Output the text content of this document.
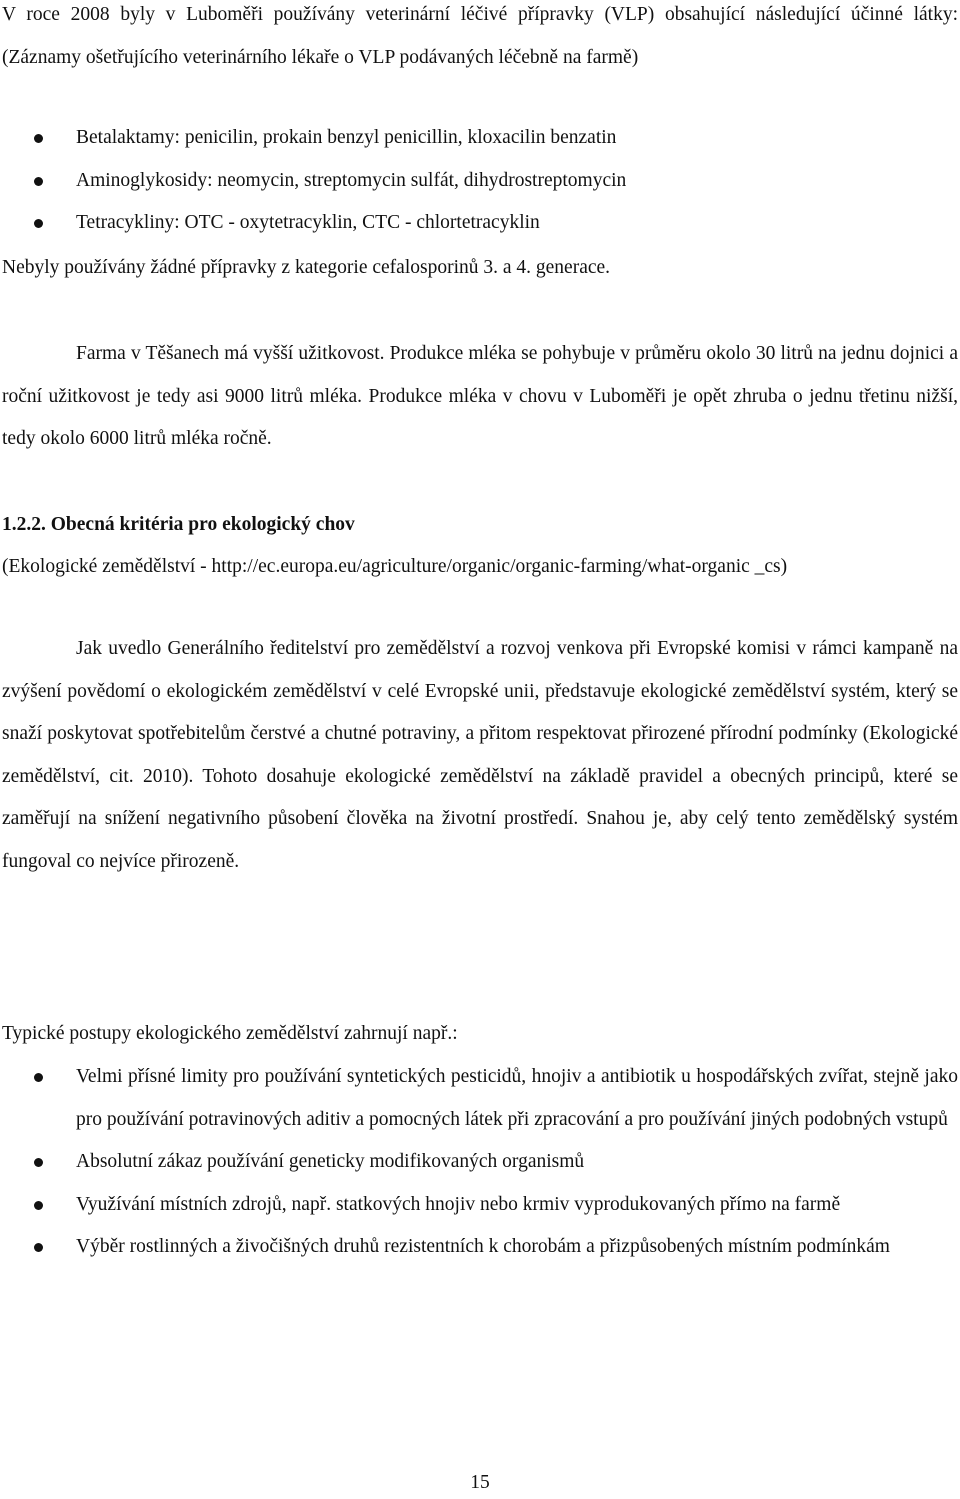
V roce 2008 byly v Luboměři používány veterinární léčivé přípravky (VLP) obsahující následující účinné látky: (Záznamy ošetřujícího veterinárního lékaře o VLP podávaných léčebně na farmě)

Betalaktamy: penicilin, prokain benzyl penicillin, kloxacilin benzatin
Aminoglykosidy: neomycin, streptomycin sulfát, dihydrostreptomycin
Tetracykliny: OTC - oxytetracyklin, CTC - chlortetracyklin

Nebyly používány žádné přípravky z kategorie cefalosporinů 3. a 4. generace.

Farma v Těšanech má vyšší užitkovost. Produkce mléka se pohybuje v průměru okolo 30 litrů na jednu dojnici a roční užitkovost je tedy asi 9000 litrů mléka. Produkce mléka v chovu v Luboměři je opět zhruba o jednu třetinu nižší, tedy okolo 6000 litrů mléka ročně.

1.2.2. Obecná kritéria pro ekologický chov

(Ekologické zemědělství - http://ec.europa.eu/agriculture/organic/organic-farming/what-organic _cs)

Jak uvedlo Generálního ředitelství pro zemědělství a rozvoj venkova při Evropské komisi v rámci kampaně na zvýšení povědomí o ekologickém zemědělství v celé Evropské unii, představuje ekologické zemědělství systém, který se snaží poskytovat spotřebitelům čerstvé a chutné potraviny, a přitom respektovat přirozené přírodní podmínky (Ekologické zemědělství, cit. 2010). Tohoto dosahuje ekologické zemědělství na základě pravidel a obecných principů, které se zaměřují na snížení negativního působení člověka na životní prostředí. Snahou je, aby celý tento zemědělský systém fungoval co nejvíce přirozeně.

Typické postupy ekologického zemědělství zahrnují např.:

Velmi přísné limity pro používání syntetických pesticidů, hnojiv a antibiotik u hospodářských zvířat, stejně jako pro používání potravinových aditiv a pomocných látek při zpracování a pro používání jiných podobných vstupů
Absolutní zákaz používání geneticky modifikovaných organismů
Využívání místních zdrojů, např. statkových hnojiv nebo krmiv vyprodukovaných přímo na farmě
Výběr rostlinných a živočišných druhů rezistentních k chorobám a přizpůsobených místním podmínkám
15
